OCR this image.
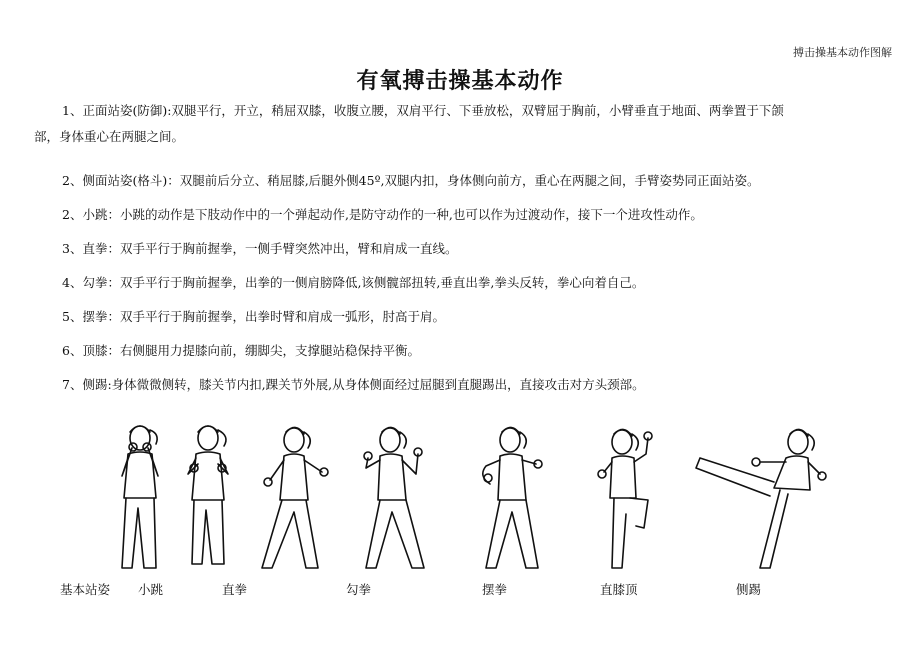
搏击操基本动作图解
有氧搏击操基本动作
1、正面站姿(防御):双腿平行，开立，稍屈双膝，收腹立腰，双肩平行、下垂放松，双臂屈于胸前，小臂垂直于地面、两拳置于下颌
部，身体重心在两腿之间。
2、侧面站姿(格斗)：双腿前后分立、稍屈膝,后腿外侧45º,双腿内扣，身体侧向前方，重心在两腿之间，手臂姿势同正面站姿。
2、小跳：小跳的动作是下肢动作中的一个弹起动作,是防守动作的一种,也可以作为过渡动作，接下一个进攻性动作。
3、直拳：双手平行于胸前握拳，一侧手臂突然冲出，臂和肩成一直线。
4、勾拳：双手平行于胸前握拳，出拳的一侧肩膀降低,该侧髋部扭转,垂直出拳,拳头反转，拳心向着自己。
5、摆拳：双手平行于胸前握拳，出拳时臂和肩成一弧形，肘高于肩。
6、顶膝：右侧腿用力提膝向前，绷脚尖，支撑腿站稳保持平衡。
7、侧踢:身体微微侧转，膝关节内扣,踝关节外展,从身体侧面经过屈腿到直腿踢出，直接攻击对方头颈部。
基本站姿 小跳	直拳	勾拳	摆拳	直膝顶	侧踢
